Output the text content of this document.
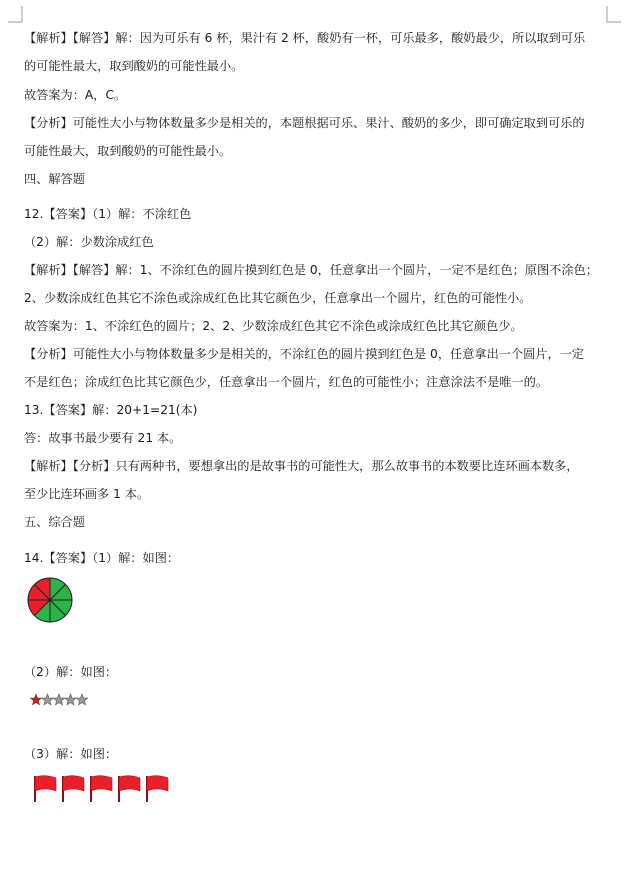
【解析】【解答】解：因为可乐有 6 杯，果汁有 2 杯，酸奶有一杯，可乐最多，酸奶最少，所以取到可乐
的可能性最大，取到酸奶的可能性最小。
故答案为：A，C。
【分析】可能性大小与物体数量多少是相关的，本题根据可乐、果汁、酸奶的多少，即可确定取到可乐的
可能性最大，取到酸奶的可能性最小。
四、解答题
12.【答案】（1）解：不涂红色
（2）解：少数涂成红色
【解析】【解答】解：1、不涂红色的圆片摸到红色是 0，任意拿出一个圆片，一定不是红色；原图不涂色；
2、少数涂成红色其它不涂色或涂成红色比其它颜色少，任意拿出一个圆片，红色的可能性小。
故答案为：1、不涂红色的圆片；2、2、少数涂成红色其它不涂色或涂成红色比其它颜色少。
【分析】可能性大小与物体数量多少是相关的，不涂红色的圆片摸到红色是 0，任意拿出一个圆片，一定
不是红色；涂成红色比其它颜色少，任意拿出一个圆片，红色的可能性小；注意涂法不是唯一的。
13.【答案】解：20+1=21(本)
答：故事书最少要有 21 本。
【解析】【分析】只有两种书，要想拿出的是故事书的可能性大，那么故事书的本数要比连环画本数多，
至少比连环画多 1 本。
五、综合题
14.【答案】（1）解：如图：
（2）解：如图：
（3）解：如图：
